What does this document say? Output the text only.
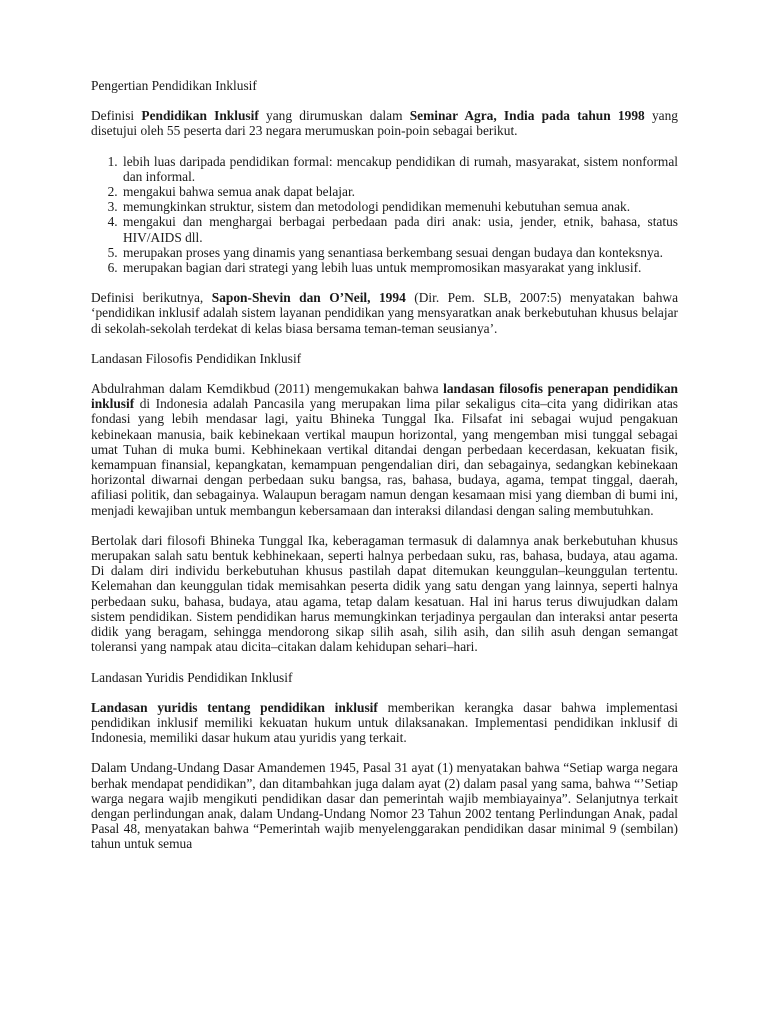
Pengertian Pendidikan Inklusif

Definisi Pendidikan Inklusif yang dirumuskan dalam Seminar Agra, India pada tahun 1998 yang disetujui oleh 55 peserta dari 23 negara merumuskan poin-poin sebagai berikut.

1. lebih luas daripada pendidikan formal: mencakup pendidikan di rumah, masyarakat, sistem nonformal dan informal.
2. mengakui bahwa semua anak dapat belajar.
3. memungkinkan struktur, sistem dan metodologi pendidikan memenuhi kebutuhan semua anak.
4. mengakui dan menghargai berbagai perbedaan pada diri anak: usia, jender, etnik, bahasa, status HIV/AIDS dll.
5. merupakan proses yang dinamis yang senantiasa berkembang sesuai dengan budaya dan konteksnya.
6. merupakan bagian dari strategi yang lebih luas untuk mempromosikan masyarakat yang inklusif.

Definisi berikutnya, Sapon-Shevin dan O’Neil, 1994 (Dir. Pem. SLB, 2007:5) menyatakan bahwa ‘pendidikan inklusif adalah sistem layanan pendidikan yang mensyaratkan anak berkebutuhan khusus belajar di sekolah-sekolah terdekat di kelas biasa bersama teman-teman seusianya’.

Landasan Filosofis Pendidikan Inklusif

Abdulrahman dalam Kemdikbud (2011) mengemukakan bahwa landasan filosofis penerapan pendidikan inklusif di Indonesia adalah Pancasila yang merupakan lima pilar sekaligus cita–cita yang didirikan atas fondasi yang lebih mendasar lagi, yaitu Bhineka Tunggal Ika. Filsafat ini sebagai wujud pengakuan kebinekaan manusia, baik kebinekaan vertikal maupun horizontal, yang mengemban misi tunggal sebagai umat Tuhan di muka bumi. Kebhinekaan vertikal ditandai dengan perbedaan kecerdasan, kekuatan fisik, kemampuan finansial, kepangkatan, kemampuan pengendalian diri, dan sebagainya, sedangkan kebinekaan horizontal diwarnai dengan perbedaan suku bangsa, ras, bahasa, budaya, agama, tempat tinggal, daerah, afiliasi politik, dan sebagainya. Walaupun beragam namun dengan kesamaan misi yang diemban di bumi ini, menjadi kewajiban untuk membangun kebersamaan dan interaksi dilandasi dengan saling membutuhkan.

Bertolak dari filosofi Bhineka Tunggal Ika, keberagaman termasuk di dalamnya anak berkebutuhan khusus merupakan salah satu bentuk kebhinekaan, seperti halnya perbedaan suku, ras, bahasa, budaya, atau agama. Di dalam diri individu berkebutuhan khusus pastilah dapat ditemukan keunggulan–keunggulan tertentu. Kelemahan dan keunggulan tidak memisahkan peserta didik yang satu dengan yang lainnya, seperti halnya perbedaan suku, bahasa, budaya, atau agama, tetap dalam kesatuan. Hal ini harus terus diwujudkan dalam sistem pendidikan. Sistem pendidikan harus memungkinkan terjadinya pergaulan dan interaksi antar peserta didik yang beragam, sehingga mendorong sikap silih asah, silih asih, dan silih asuh dengan semangat toleransi yang nampak atau dicita–citakan dalam kehidupan sehari–hari.

Landasan Yuridis Pendidikan Inklusif

Landasan yuridis tentang pendidikan inklusif memberikan kerangka dasar bahwa implementasi pendidikan inklusif memiliki kekuatan hukum untuk dilaksanakan. Implementasi pendidikan inklusif di Indonesia, memiliki dasar hukum atau yuridis yang terkait.

Dalam Undang-Undang Dasar Amandemen 1945, Pasal 31 ayat (1) menyatakan bahwa “Setiap warga negara berhak mendapat pendidikan”, dan ditambahkan juga dalam ayat (2) dalam pasal yang sama, bahwa “’Setiap warga negara wajib mengikuti pendidikan dasar dan pemerintah wajib membiayainya”. Selanjutnya terkait dengan perlindungan anak, dalam Undang-Undang Nomor 23 Tahun 2002 tentang Perlindungan Anak, padal Pasal 48, menyatakan bahwa “Pemerintah wajib menyelenggarakan pendidikan dasar minimal 9 (sembilan) tahun untuk semua
